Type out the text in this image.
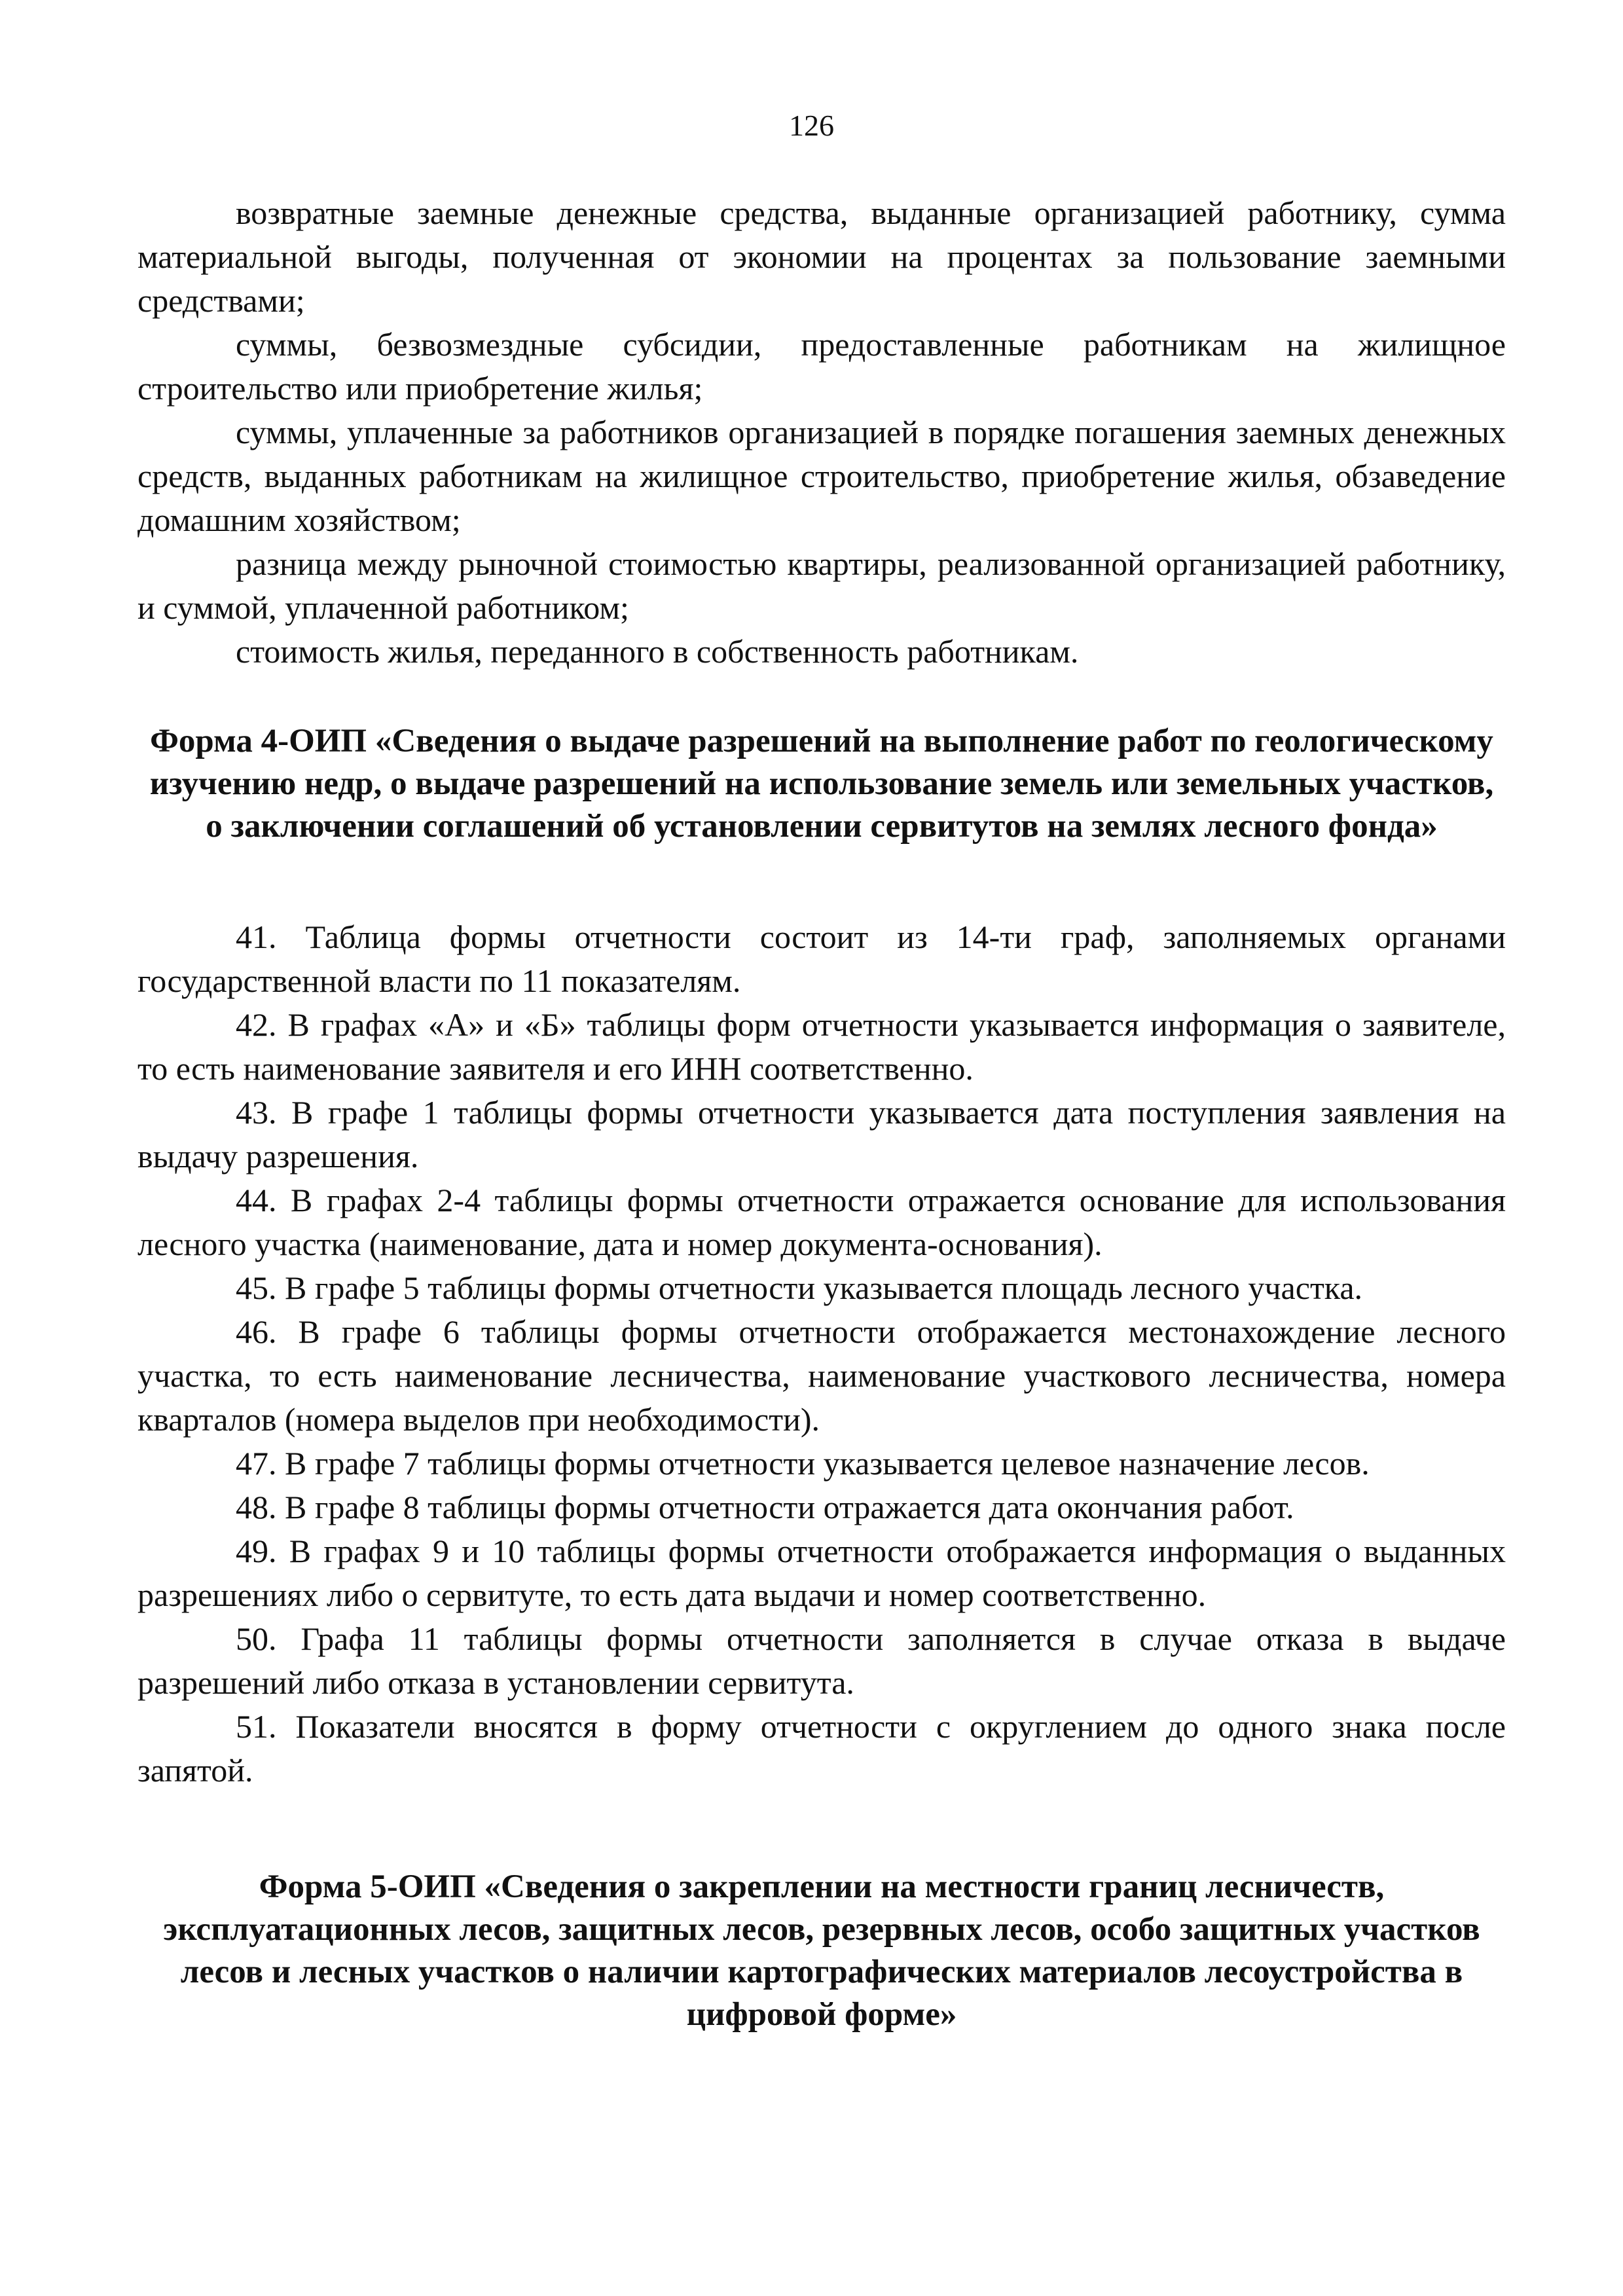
126

возвратные заемные денежные средства, выданные организацией работнику, сумма материальной выгоды, полученная от экономии на процентах за пользование заемными средствами;

суммы, безвозмездные субсидии, предоставленные работникам на жилищное строительство или приобретение жилья;

суммы, уплаченные за работников организацией в порядке погашения заемных денежных средств, выданных работникам на жилищное строительство, приобретение жилья, обзаведение домашним хозяйством;

разница между рыночной стоимостью квартиры, реализованной организацией работнику, и суммой, уплаченной работником;

стоимость жилья, переданного в собственность работникам.

Форма 4-ОИП «Сведения о выдаче разрешений на выполнение работ по геологическому изучению недр, о выдаче разрешений на использование земель или земельных участков, о заключении соглашений об установлении сервитутов на землях лесного фонда»

41. Таблица формы отчетности состоит из 14-ти граф, заполняемых органами государственной власти по 11 показателям.

42. В графах «А» и «Б» таблицы форм отчетности указывается информация о заявителе, то есть наименование заявителя и его ИНН соответственно.

43. В графе 1 таблицы формы отчетности указывается дата поступления заявления на выдачу разрешения.

44. В графах 2-4 таблицы формы отчетности отражается основание для использования лесного участка (наименование, дата и номер документа-основания).

45. В графе 5 таблицы формы отчетности указывается площадь лесного участка.

46. В графе 6 таблицы формы отчетности отображается местонахождение лесного участка, то есть наименование лесничества, наименование участкового лесничества, номера кварталов (номера выделов при необходимости).

47. В графе 7 таблицы формы отчетности указывается целевое назначение лесов.

48. В графе 8 таблицы формы отчетности отражается дата окончания работ.

49. В графах 9 и 10 таблицы формы отчетности отображается информация о выданных разрешениях либо о сервитуте, то есть дата выдачи и номер соответственно.

50. Графа 11 таблицы формы отчетности заполняется в случае отказа в выдаче разрешений либо отказа в установлении сервитута.

51. Показатели вносятся в форму отчетности с округлением до одного знака после запятой.

Форма 5-ОИП «Сведения о закреплении на местности границ лесничеств, эксплуатационных лесов, защитных лесов, резервных лесов, особо защитных участков лесов и лесных участков о наличии картографических материалов лесоустройства в цифровой форме»
